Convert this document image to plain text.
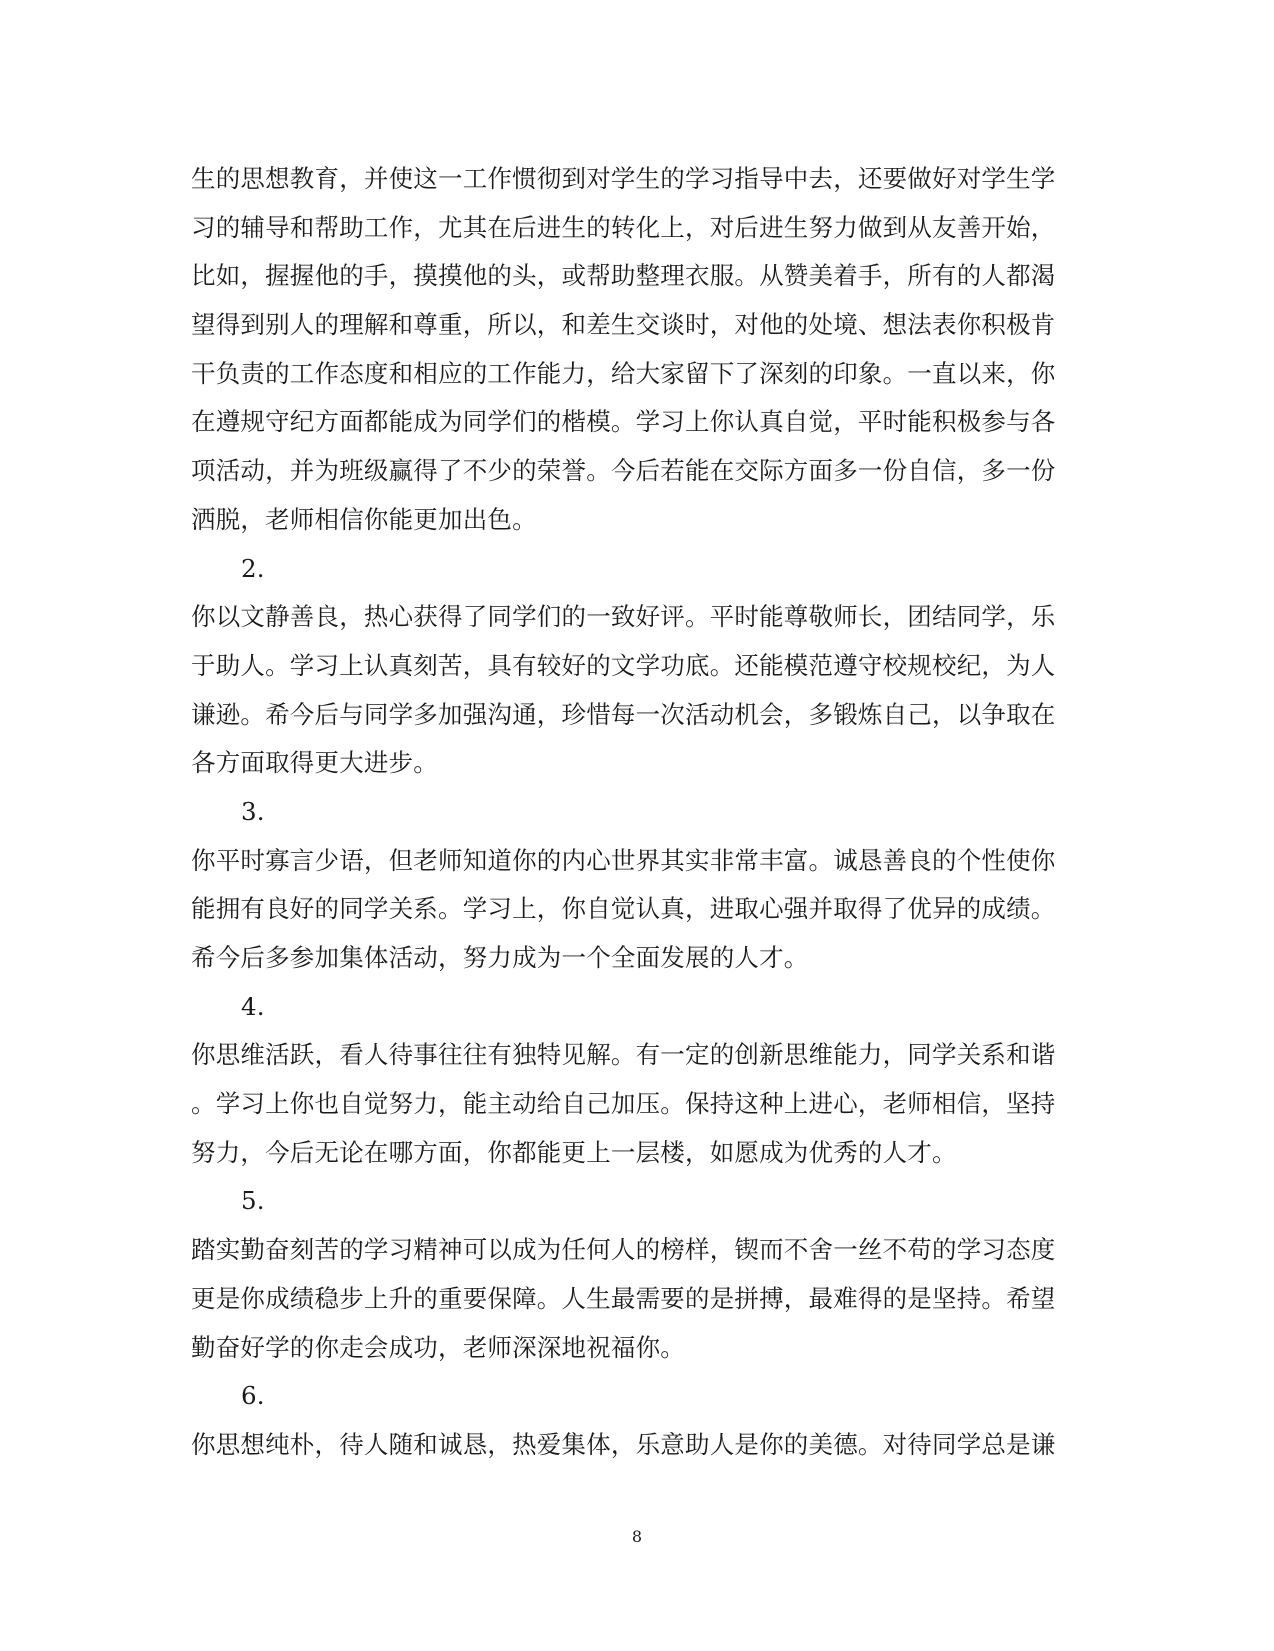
生的思想教育，并使这一工作惯彻到对学生的学习指导中去，还要做好对学生学
习的辅导和帮助工作，尤其在后进生的转化上，对后进生努力做到从友善开始，
比如，握握他的手，摸摸他的头，或帮助整理衣服。从赞美着手，所有的人都渴
望得到别人的理解和尊重，所以，和差生交谈时，对他的处境、想法表你积极肯
干负责的工作态度和相应的工作能力，给大家留下了深刻的印象。一直以来，你
在遵规守纪方面都能成为同学们的楷模。学习上你认真自觉，平时能积极参与各
项活动，并为班级赢得了不少的荣誉。今后若能在交际方面多一份自信，多一份
洒脱，老师相信你能更加出色。
2.
你以文静善良，热心获得了同学们的一致好评。平时能尊敬师长，团结同学，乐
于助人。学习上认真刻苦，具有较好的文学功底。还能模范遵守校规校纪，为人
谦逊。希今后与同学多加强沟通，珍惜每一次活动机会，多锻炼自己，以争取在
各方面取得更大进步。
3.
你平时寡言少语，但老师知道你的内心世界其实非常丰富。诚恳善良的个性使你
能拥有良好的同学关系。学习上，你自觉认真，进取心强并取得了优异的成绩。
希今后多参加集体活动，努力成为一个全面发展的人才。
4.
你思维活跃，看人待事往往有独特见解。有一定的创新思维能力，同学关系和谐
。学习上你也自觉努力，能主动给自己加压。保持这种上进心，老师相信，坚持
努力，今后无论在哪方面，你都能更上一层楼，如愿成为优秀的人才。
5.
踏实勤奋刻苦的学习精神可以成为任何人的榜样，锲而不舍一丝不苟的学习态度
更是你成绩稳步上升的重要保障。人生最需要的是拼搏，最难得的是坚持。希望
勤奋好学的你走会成功，老师深深地祝福你。
6.
你思想纯朴，待人随和诚恳，热爱集体，乐意助人是你的美德。对待同学总是谦
8
